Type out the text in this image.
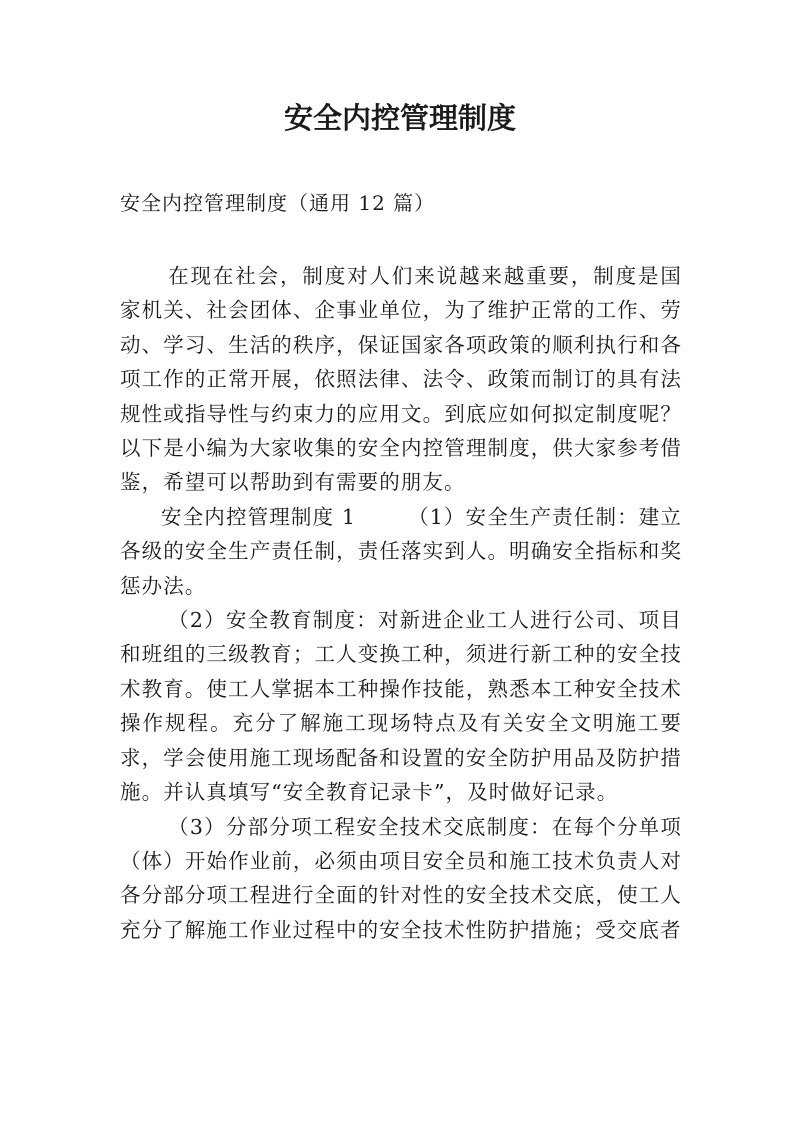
安全内控管理制度

安全内控管理制度（通用 12 篇）

在现在社会，制度对人们来说越来越重要，制度是国家机关、社会团体、企事业单位，为了维护正常的工作、劳动、学习、生活的秩序，保证国家各项政策的顺利执行和各项工作的正常开展，依照法律、法令、政策而制订的具有法规性或指导性与约束力的应用文。到底应如何拟定制度呢？以下是小编为大家收集的安全内控管理制度，供大家参考借鉴，希望可以帮助到有需要的朋友。

安全内控管理制度 1	（1）安全生产责任制：建立各级的安全生产责任制，责任落实到人。明确安全指标和奖惩办法。

（2）安全教育制度：对新进企业工人进行公司、项目和班组的三级教育；工人变换工种，须进行新工种的安全技术教育。使工人掌据本工种操作技能，熟悉本工种安全技术操作规程。充分了解施工现场特点及有关安全文明施工要求，学会使用施工现场配备和设置的安全防护用品及防护措施。并认真填写“安全教育记录卡”，及时做好记录。

（3）分部分项工程安全技术交底制度：在每个分单项（体）开始作业前，必须由项目安全员和施工技术负责人对各分部分项工程进行全面的针对性的安全技术交底，使工人充分了解施工作业过程中的安全技术性防护措施；受交底者
